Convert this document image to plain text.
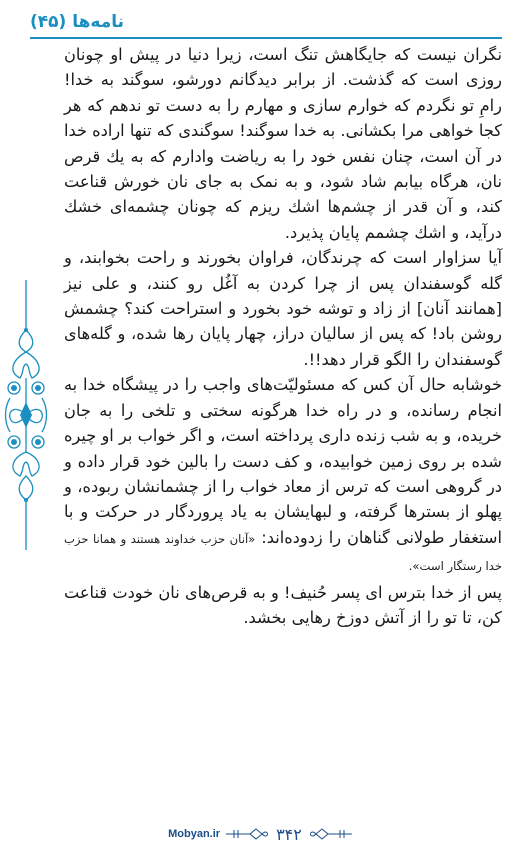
نامه‌ها (۴۵)

نگران نیست که جایگاهش تنگ است، زیرا دنیا در پیش او چونان روزی است که گذشت. از برابر دیدگانم دورشو، سوگند به خدا! رامِ تو نگردم که خوارم سازی و مهارم را به دست تو ندهم که هر کجا خواهی مرا بکشانی. به خدا سوگند! سوگندی که تنها اراده خدا در آن است، چنان نفس خود را به ریاضت وادارم که به یك قرص نان، هرگاه بیابم شاد شود، و به نمک به جای نان خورش قناعت کند، و آن قدر از چشم‌ها اشك ریزم که چونان چشمه‌ای خشك درآید، و اشك چشمم پایان پذیرد.

آیا سزاوار است که چرندگان، فراوان بخورند و راحت بخوابند، و گله گوسفندان پس از چرا کردن به آغُل رو کنند، و علی نیز [همانند آنان] از زاد و توشه خود بخورد و استراحت کند؟ چشمش روشن باد! که پس از سالیان دراز، چهار پایان رها شده، و گله‌های گوسفندان را الگو قرار دهد!!.

خوشابه حال آن کس که مسئولیّت‌های واجب را در پیشگاه خدا به انجام رسانده، و در راه خدا هرگونه سختی و تلخی را به جان خریده، و به شب زنده داری پرداخته است، و اگر خواب بر او چیره شده بر روی زمین خوابیده، و کف دست را بالین خود قرار داده و در گروهی است که ترس از معاد خواب را از چشمانشان ربوده، و پهلو از بسترها گرفته، و لبهایشان به یاد پروردگار در حرکت و با استغفار طولانی گناهان را زدوده‌اند: «آنان حزب خداوند هستند و همانا حزب خدا رستگار است».

پس از خدا بترس ای پسر حُنیف! و به قرص‌های نان خودت قناعت کن، تا تو را از آتش دوزخ رهایی بخشد.

Mobyan.ir	۳۴۲
